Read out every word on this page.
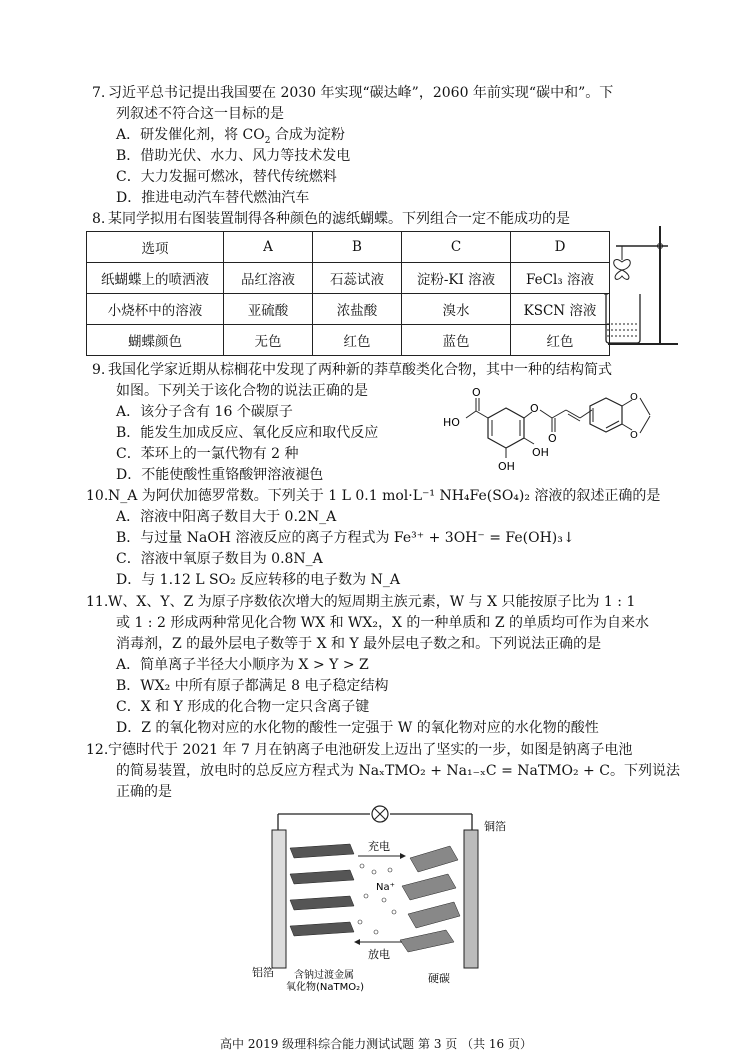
7. 习近平总书记提出我国要在 2030 年实现“碳达峰”，2060 年前实现“碳中和”。下

列叙述不符合这一目标的是

A．研发催化剂，将 $CO_2$ 合成为淀粉

B．借助光伏、水力、风力等技术发电

C．大力发掘可燃冰，替代传统燃料

D．推进电动汽车替代燃油汽车

8. 某同学拟用右图装置制得各种颜色的滤纸蝴蝶。下列组合一定不能成功的是

选项	A	B	C	D
纸蝴蝶上的喷洒液	品红溶液	石蕊试液	淀粉-KI 溶液	FeCl₃ 溶液
小烧杯中的溶液	亚硫酸	浓盐酸	溴水	KSCN 溶液
蝴蝶颜色	无色	红色	蓝色	红色
9. 我国化学家近期从棕榈花中发现了两种新的莽草酸类化合物，其中一种的结构简式

如图。下列关于该化合物的说法正确的是

A．该分子含有 16 个碳原子

B．能发生加成反应、氧化反应和取代反应

C．苯环上的一氯代物有 2 种

D．不能使酸性重铬酸钾溶液褪色

O
HO
OH
OH
O
O
O
O
10. N_A 为阿伏加德罗常数。下列关于 1 L 0.1 mol·L⁻¹ NH₄Fe(SO₄)₂ 溶液的叙述正确的是

A．溶液中阳离子数目大于 0.2N_A

B．与过量 NaOH 溶液反应的离子方程式为 Fe³⁺ + 3OH⁻ = Fe(OH)₃↓

C．溶液中氧原子数目为 0.8N_A

D．与 1.12 L SO₂ 反应转移的电子数为 N_A

11. W、X、Y、Z 为原子序数依次增大的短周期主族元素，W 与 X 只能按原子比为 1 : 1

或 1 : 2 形成两种常见化合物 WX 和 WX₂，X 的一种单质和 Z 的单质均可作为自来水

消毒剂，Z 的最外层电子数等于 X 和 Y 最外层电子数之和。下列说法正确的是

A．简单离子半径大小顺序为 X > Y > Z

B．WX₂ 中所有原子都满足 8 电子稳定结构

C．X 和 Y 形成的化合物一定只含离子键

D．Z 的氧化物对应的水化物的酸性一定强于 W 的氧化物对应的水化物的酸性

12. 宁德时代于 2021 年 7 月在钠离子电池研发上迈出了坚实的一步，如图是钠离子电池

的简易装置，放电时的总反应方程式为 NaₓTMO₂ + Na₁₋ₓC = NaTMO₂ + C。下列说法

正确的是

充电
放电
Na⁺
铜箔
铝箔 含钠过渡金属
氧化物(NaTMO₂)
硬碳
高中 2019 级理科综合能力测试试题 第 3 页 （共 16 页）
